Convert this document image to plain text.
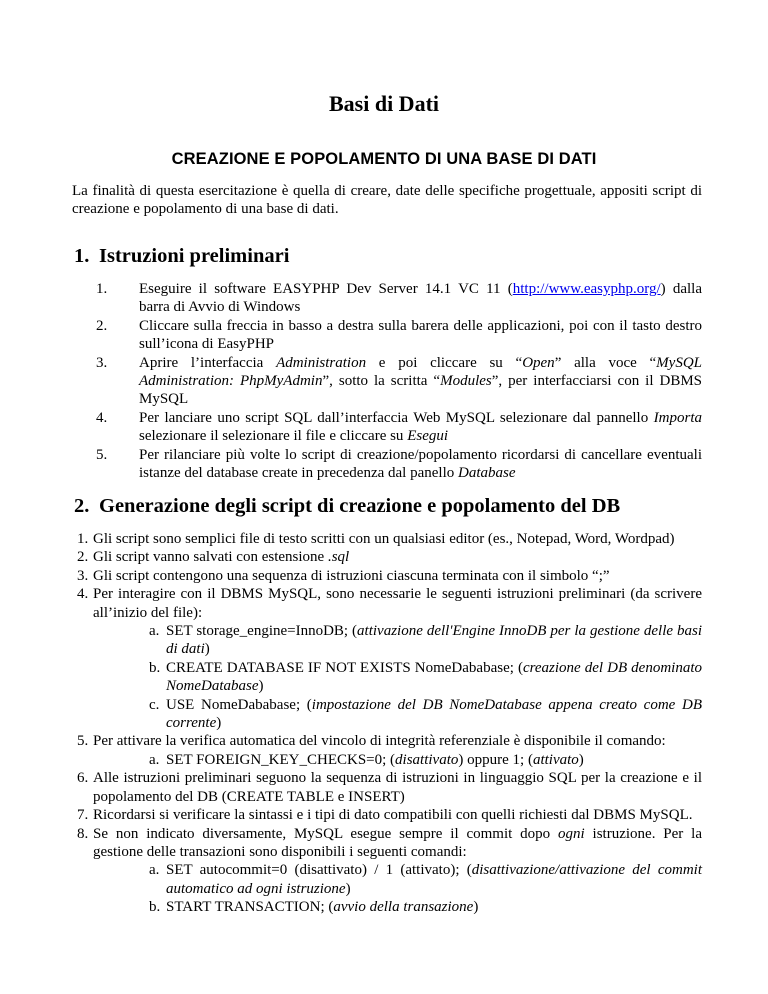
Basi di Dati
CREAZIONE E POPOLAMENTO DI UNA BASE DI DATI
La finalità di questa esercitazione è quella di creare, date delle specifiche progettuale, appositi script di creazione e popolamento di una base di dati.
1. Istruzioni preliminari
1. Eseguire il software EASYPHP Dev Server 14.1 VC 11 (http://www.easyphp.org/) dalla barra di Avvio di Windows
2. Cliccare sulla freccia in basso a destra sulla barera delle applicazioni, poi con il tasto destro sull’icona di EasyPHP
3. Aprire l’interfaccia Administration e poi cliccare su “Open” alla voce “MySQL Administration: PhpMyAdmin”, sotto la scritta “Modules”, per interfacciarsi con il DBMS MySQL
4. Per lanciare uno script SQL dall’interfaccia Web MySQL selezionare dal pannello Importa selezionare il selezionare il file e cliccare su Esegui
5. Per rilanciare più volte lo script di creazione/popolamento ricordarsi di cancellare eventuali istanze del database create in precedenza dal panello Database
2. Generazione degli script di creazione e popolamento del DB
1. Gli script sono semplici file di testo scritti con un qualsiasi editor (es., Notepad, Word, Wordpad)
2. Gli script vanno salvati con estensione .sql
3. Gli script contengono una sequenza di istruzioni ciascuna terminata con il simbolo “;”
4. Per interagire con il DBMS MySQL, sono necessarie le seguenti istruzioni preliminari (da scrivere all’inizio del file):
a. SET storage_engine=InnoDB; (attivazione dell'Engine InnoDB per la gestione delle basi di dati)
b. CREATE DATABASE IF NOT EXISTS NomeDababase; (creazione del DB denominato NomeDatabase)
c. USE NomeDababase; (impostazione del DB NomeDatabase appena creato come DB corrente)
5. Per attivare la verifica automatica del vincolo di integrità referenziale è disponibile il comando:
a. SET FOREIGN_KEY_CHECKS=0; (disattivato) oppure 1; (attivato)
6. Alle istruzioni preliminari seguono la sequenza di istruzioni in linguaggio SQL per la creazione e il popolamento del DB (CREATE TABLE e INSERT)
7. Ricordarsi si verificare la sintassi e i tipi di dato compatibili con quelli richiesti dal DBMS MySQL.
8. Se non indicato diversamente, MySQL esegue sempre il commit dopo ogni istruzione. Per la gestione delle transazioni sono disponibili i seguenti comandi:
a. SET autocommit=0 (disattivato) / 1 (attivato); (disattivazione/attivazione del commit automatico ad ogni istruzione)
b. START TRANSACTION; (avvio della transazione)
